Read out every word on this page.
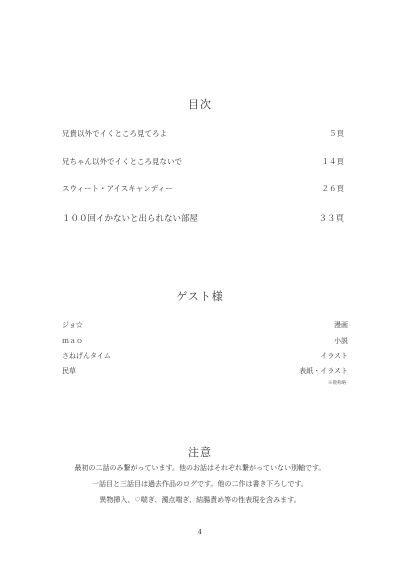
目次
兄貴以外でイくところ見てろよ	５頁
兄ちゃん以外でイくところ見ないで	１４頁
スウィート・アイスキャンディー	２６頁
１００回イかないと出られない部屋	３３頁
ゲスト様
ジョ☆	漫画
ｍａｏ	小説
さねげんタイム	イラスト
民草	表紙・イラスト
※敬称略
注意
最初の二話のみ繋がっています。他のお話はそれぞれ繋がっていない別軸です。
一話目と三話目は過去作品のログです。他の二作は書き下ろしです。
異物挿入、♡喘ぎ、濁点喘ぎ、結腸責め等の性表現を含みます。
4
